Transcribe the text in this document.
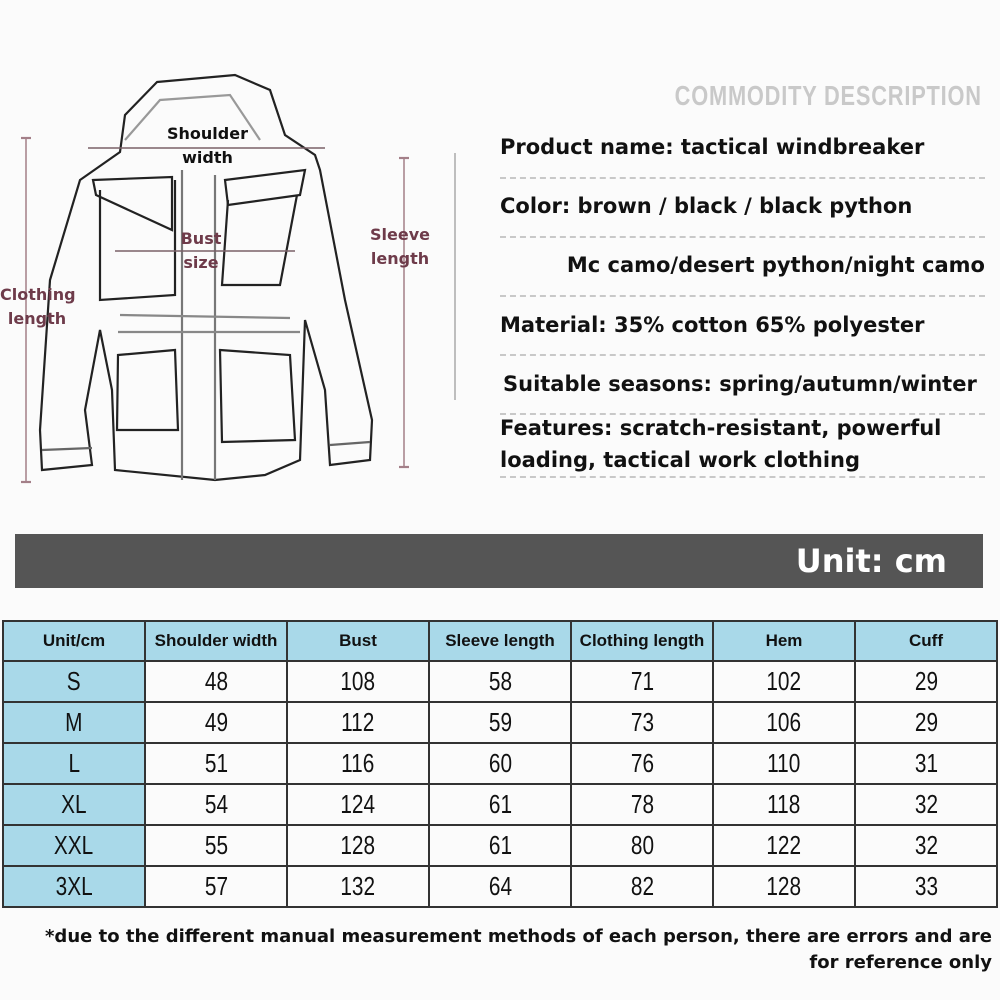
Shoulder width
Bust size
Sleeve length
Clothing length
COMMODITY DESCRIPTION
Product name: tactical windbreaker
Color: brown / black / black python
Mc camo/desert python/night camo
Material: 35% cotton 65% polyester
Suitable seasons: spring/autumn/winter
Features: scratch-resistant, powerful loading, tactical work clothing
Unit: cm
Unit/cm	Shoulder width	Bust	Sleeve length	Clothing length	Hem	Cuff
S	48	108	58	71	102	29
M	49	112	59	73	106	29
L	51	116	60	76	110	31
XL	54	124	61	78	118	32
XXL	55	128	61	80	122	32
3XL	57	132	64	82	128	33
*due to the different manual measurement methods of each person, there are errors and are for reference only
